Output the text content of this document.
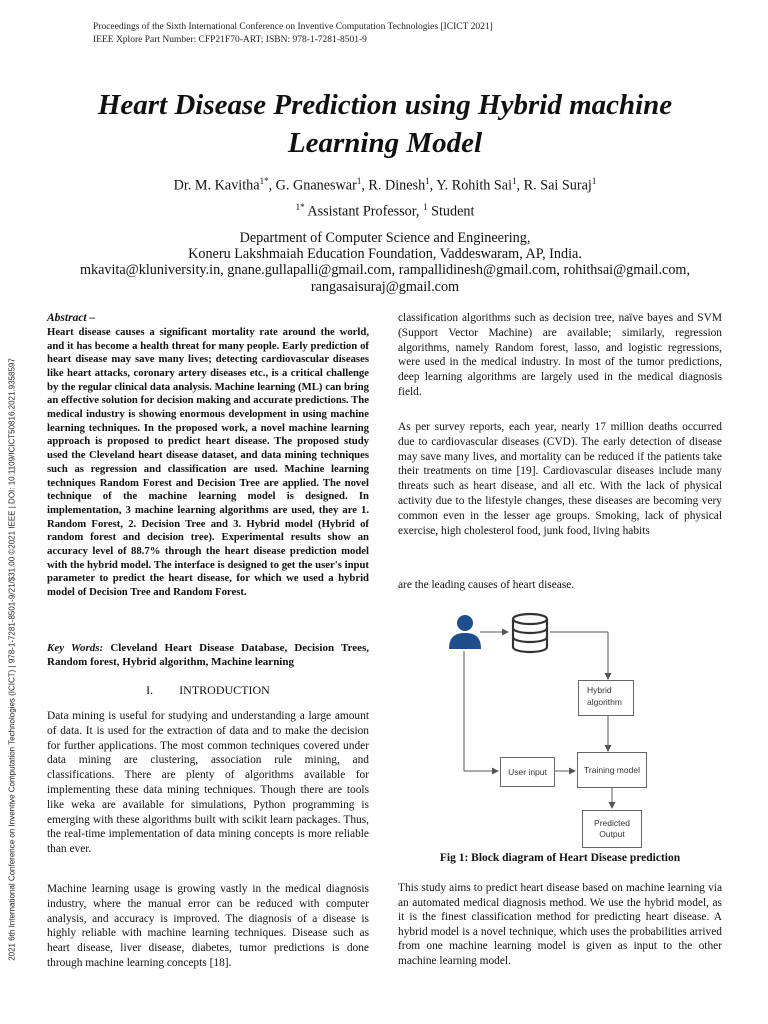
Proceedings of the Sixth International Conference on Inventive Computation Technologies [ICICT 2021]
IEEE Xplore Part Number: CFP21F70-ART; ISBN: 978-1-7281-8501-9
2021 6th International Conference on Inventive Computation Technologies (ICICT) | 978-1-7281-8501-9/21/$31.00 ©2021 IEEE | DOI: 10.1109/ICICT50816.2021.9358597
Heart Disease Prediction using Hybrid machine
Learning Model
Dr. M. Kavitha$^{1*}$, G. Gnaneswar$^1$, R. Dinesh$^1$, Y. Rohith Sai$^1$, R. Sai Suraj$^1$
$^{1*}$ Assistant Professor, $^1$ Student
Department of Computer Science and Engineering,
Koneru Lakshmaiah Education Foundation, Vaddeswaram, AP, India.
mkavita@kluniversity.in, gnane.gullapalli@gmail.com, rampallidinesh@gmail.com, rohithsai@gmail.com,
rangasaisuraj@gmail.com
Abstract –

Heart disease causes a significant mortality rate around the world, and it has become a health threat for many people. Early prediction of heart disease may save many lives; detecting cardiovascular diseases like heart attacks, coronary artery diseases etc., is a critical challenge by the regular clinical data analysis. Machine learning (ML) can bring an effective solution for decision making and accurate predictions. The medical industry is showing enormous development in using machine learning techniques. In the proposed work, a novel machine learning approach is proposed to predict heart disease. The proposed study used the Cleveland heart disease dataset, and data mining techniques such as regression and classification are used. Machine learning techniques Random Forest and Decision Tree are applied. The novel technique of the machine learning model is designed. In implementation, 3 machine learning algorithms are used, they are 1. Random Forest, 2. Decision Tree and 3. Hybrid model (Hybrid of random forest and decision tree). Experimental results show an accuracy level of 88.7% through the heart disease prediction model with the hybrid model. The interface is designed to get the user's input parameter to predict the heart disease, for which we used a hybrid model of Decision Tree and Random Forest.

Key Words: Cleveland Heart Disease Database, Decision Trees, Random forest, Hybrid algorithm, Machine learning
I. INTRODUCTION

Data mining is useful for studying and understanding a large amount of data. It is used for the extraction of data and to make the decision for further applications. The most common techniques covered under data mining are clustering, association rule mining, and classifications. There are plenty of algorithms available for implementing these data mining techniques. Though there are tools like weka are available for simulations, Python programming is emerging with these algorithms built with scikit learn packages. Thus, the real-time implementation of data mining concepts is more reliable than ever.

Machine learning usage is growing vastly in the medical diagnosis industry, where the manual error can be reduced with computer analysis, and accuracy is improved. The diagnosis of a disease is highly reliable with machine learning techniques. Disease such as heart disease, liver disease, diabetes, tumor predictions is done through machine learning concepts [18].

classification algorithms such as decision tree, naïve bayes and SVM (Support Vector Machine) are available; similarly, regression algorithms, namely Random forest, lasso, and logistic regressions, were used in the medical industry. In most of the tumor predictions, deep learning algorithms are largely used in the medical diagnosis field.

As per survey reports, each year, nearly 17 million deaths occurred due to cardiovascular diseases (CVD). The early detection of disease may save many lives, and mortality can be reduced if the patients take their treatments on time [19]. Cardiovascular diseases include many threats such as heart disease, and all etc. With the lack of physical activity due to the lifestyle changes, these diseases are becoming very common even in the lesser age groups. Smoking, lack of physical exercise, high cholesterol food, junk food, living habits

are the leading causes of heart disease.

Hybrid
algorithm
User input	Training model
Predicted
Output
Fig 1: Block diagram of Heart Disease prediction

This study aims to predict heart disease based on machine learning via an automated medical diagnosis method. We use the hybrid model, as it is the finest classification method for predicting heart disease. A hybrid model is a novel technique, which uses the probabilities arrived from one machine learning model is given as input to the other machine learning model.
